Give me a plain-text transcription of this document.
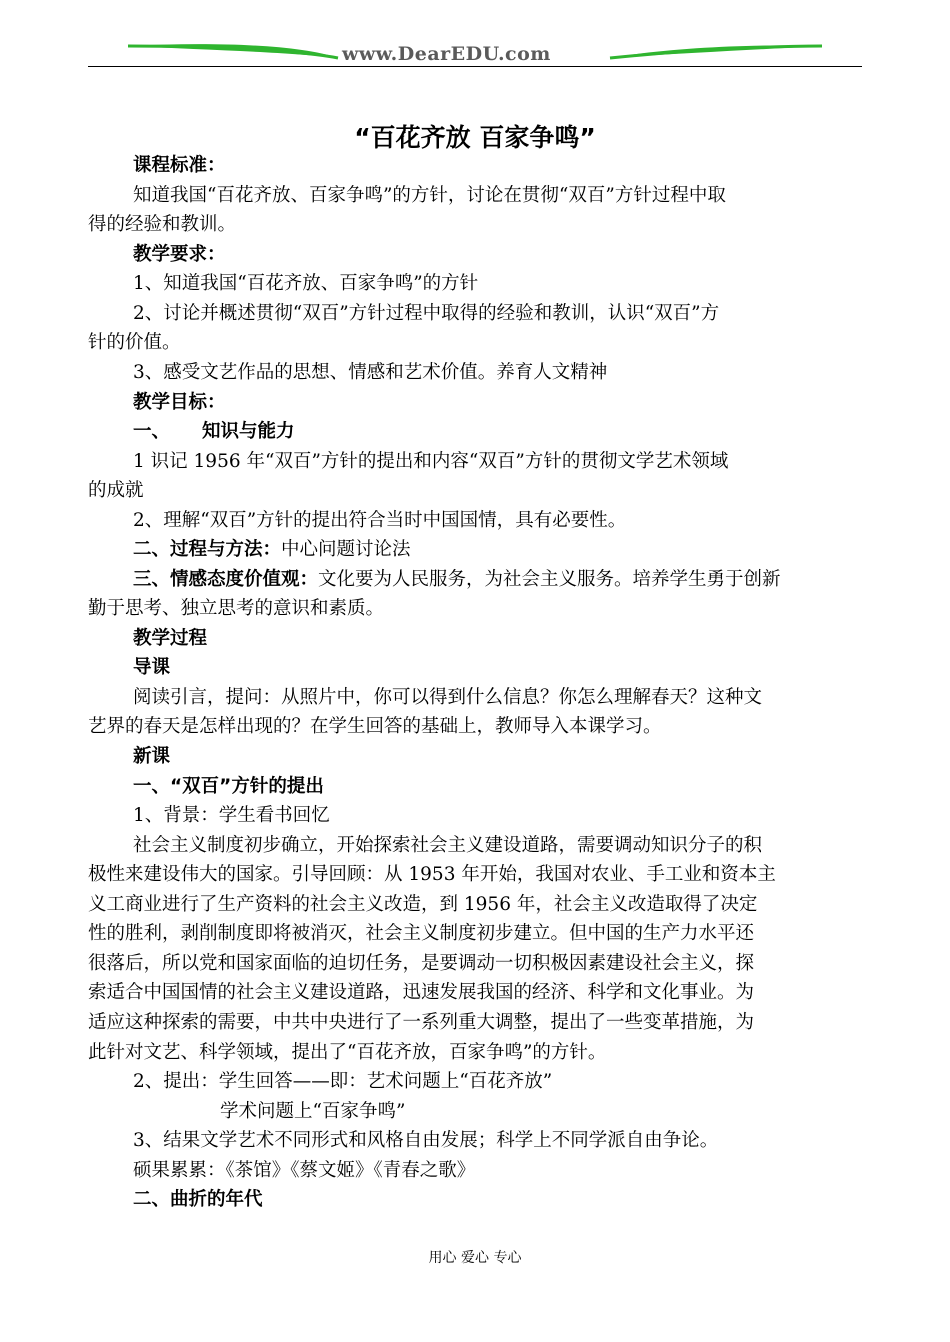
www.DearEDU.com
“百花齐放 百家争鸣”
课程标准：
知道我国“百花齐放、百家争鸣”的方针，讨论在贯彻“双百”方针过程中取
得的经验和教训。
教学要求：
1、知道我国“百花齐放、百家争鸣”的方针
2、讨论并概述贯彻“双百”方针过程中取得的经验和教训，认识“双百”方
针的价值。
3、感受文艺作品的思想、情感和艺术价值。养育人文精神
教学目标：
一、 知识与能力
1 识记 1956 年“双百”方针的提出和内容“双百”方针的贯彻文学艺术领域
的成就
2、理解“双百”方针的提出符合当时中国国情，具有必要性。
二、过程与方法：中心问题讨论法
三、情感态度价值观：文化要为人民服务，为社会主义服务。培养学生勇于创新
勤于思考、独立思考的意识和素质。
教学过程
导课
阅读引言，提问：从照片中，你可以得到什么信息？你怎么理解春天？这种文
艺界的春天是怎样出现的？在学生回答的基础上，教师导入本课学习。
新课
一、“双百”方针的提出
1、背景：学生看书回忆
社会主义制度初步确立，开始探索社会主义建设道路，需要调动知识分子的积
极性来建设伟大的国家。引导回顾：从 1953 年开始，我国对农业、手工业和资本主
义工商业进行了生产资料的社会主义改造，到 1956 年，社会主义改造取得了决定
性的胜利，剥削制度即将被消灭，社会主义制度初步建立。但中国的生产力水平还
很落后，所以党和国家面临的迫切任务，是要调动一切积极因素建设社会主义，探
索适合中国国情的社会主义建设道路，迅速发展我国的经济、科学和文化事业。为
适应这种探索的需要，中共中央进行了一系列重大调整，提出了一些变革措施，为
此针对文艺、科学领域，提出了“百花齐放，百家争鸣”的方针。
2、提出：学生回答——即：艺术问题上“百花齐放”
学术问题上“百家争鸣”
3、结果文学艺术不同形式和风格自由发展；科学上不同学派自由争论。
硕果累累：《茶馆》《蔡文姬》《青春之歌》
二、曲折的年代
用心 爱心 专心
